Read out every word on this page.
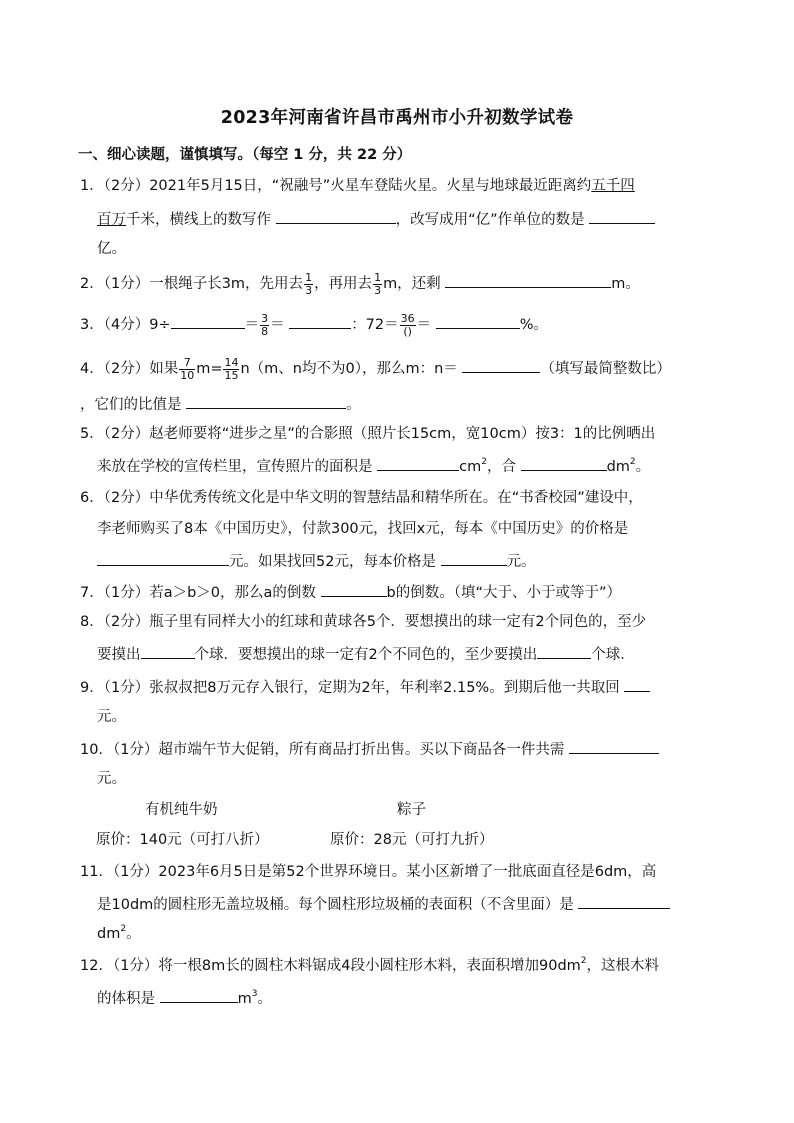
2023年河南省许昌市禹州市小升初数学试卷
一、细心读题，谨慎填写。（每空 1 分，共 22 分）
1．（2分）2021年5月15日，“祝融号”火星车登陆火星。火星与地球最近距离约五千四
百万千米，横线上的数写作	，改写成用“亿”作单位的数是
亿。
2．（1分）一根绳子长3m，先用去 $\frac{1}{3}$ ，再用去 $\frac{1}{3}$ m，还剩	m。
3．（4分）9÷	＝ $\frac{3}{8}$ ＝	：$72= \frac{36}{()}$ ＝	%。
4．（2分）如果 $\frac{7}{10} m= \frac{14}{15} n(m$、n均不为0），那么m：n＝	（填写最简整数比）
，它们的比值是	。
5．（2分）赵老师要将“进步之星”的合影照（照片长15cm，宽10cm）按3：1的比例晒出
来放在学校的宣传栏里，宣传照片的面积是	$cm^2$，合	$dm^2$。
6．（2分）中华优秀传统文化是中华文明的智慧结晶和精华所在。在“书香校园”建设中，
李老师购买了8本《中国历史》，付款300元，找回x元，每本《中国历史》的价格是
元。如果找回52元，每本价格是	元。
7．（1分）若a＞b＞0，那么a的倒数	b的倒数。（填“大于、小于或等于”）
8．（2分）瓶子里有同样大小的红球和黄球各5个．要想摸出的球一定有2个同色的，至少
要摸出	个球．要想摸出的球一定有2个不同色的，至少要摸出	个球．
9．（1分）张叔叔把8万元存入银行，定期为2年，年利率2.15%。到期后他一共取回
元。
10．（1分）超市端午节大促销，所有商品打折出售。买以下商品各一件共需
元。
有机纯牛奶	粽子
原价：140元（可打八折）	原价：28元（可打九折）
11．（1分）2023年6月5日是第52个世界环境日。某小区新增了一批底面直径是6dm，高
是10dm的圆柱形无盖垃圾桶。每个圆柱形垃圾桶的表面积（不含里面）是
$dm^2$。
12．（1分）将一根8m长的圆柱木料锯成4段小圆柱形木料，表面积增加$90dm^2$，这根木料
的体积是	$m^3$。
